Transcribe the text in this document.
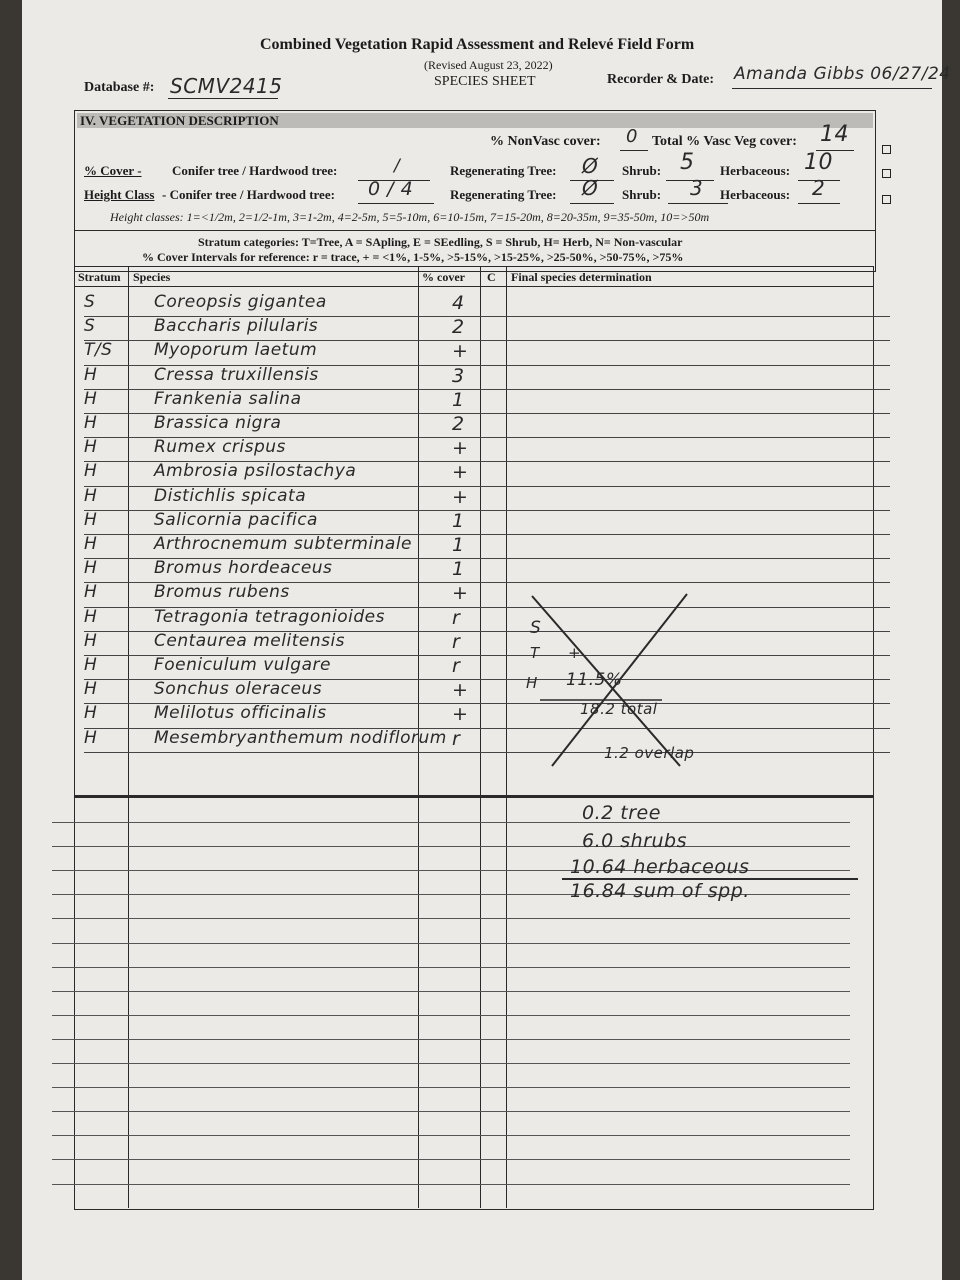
Combined Vegetation Rapid Assessment and Relevé Field Form
(Revised August 23, 2022)
SPECIES SHEET
Database #: SCMV2415	Recorder & Date: Amanda Gibbs 06/27/24
IV. VEGETATION DESCRIPTION
% NonVasc cover: 0 Total % Vasc Veg cover: 14
% Cover - Conifer tree / Hardwood tree:	/	Regenerating Tree: Ø Shrub: 5 Herbaceous: 10
Height Class - Conifer tree / Hardwood tree: 0 / 4	Regenerating Tree: Ø Shrub: 3 Herbaceous: 2
Height classes: 1=<1/2m, 2=1/2-1m, 3=1-2m, 4=2-5m, 5=5-10m, 6=10-15m, 7=15-20m, 8=20-35m, 9=35-50m, 10=>50m
Stratum categories: T=Tree, A = SApling, E = SEedling, S = Shrub, H= Herb, N= Non-vascular
% Cover Intervals for reference: r = trace, + = <1%, 1-5%, >5-15%, >15-25%, >25-50%, >50-75%, >75%
Stratum Species	% cover C Final species determination
S	Coreopsis gigantea	4
S	Baccharis pilularis	2
T/S	Myoporum laetum	+
H	Cressa truxillensis	3
H	Frankenia salina	1
H	Brassica nigra	2
H	Rumex crispus	+
H	Ambrosia psilostachya	+
H	Distichlis spicata	+
H	Salicornia pacifica	1
H	Arthrocnemum subterminale	1
H	Bromus hordeaceus	1
H	Bromus rubens	+
H	Tetragonia tetragonioides	r
H	Centaurea melitensis	r
H	Foeniculum vulgare	r
H	Sonchus oleraceus	+
H	Melilotus officinalis	+
H	Mesembryanthemum nodiflorum r
S
T +
H 11.5%
18.2 total
1.2 overlap
0.2 tree
6.0 shrubs
10.64 herbaceous
16.84 sum of spp.
